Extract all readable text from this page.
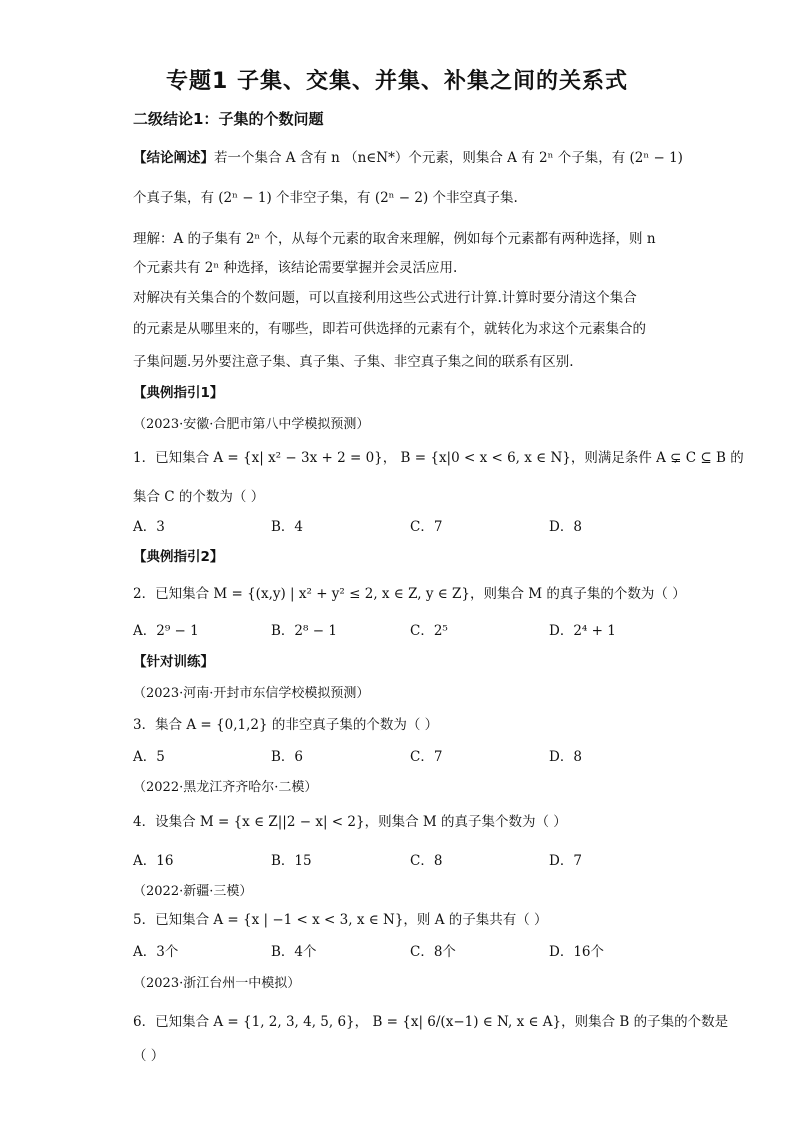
专题1 子集、交集、并集、补集之间的关系式
二级结论1：子集的个数问题
【结论阐述】若一个集合 A 含有 n （n∈N*）个元素，则集合 A 有 2ⁿ 个子集，有 (2ⁿ − 1)
个真子集，有 (2ⁿ − 1) 个非空子集，有 (2ⁿ − 2) 个非空真子集.
理解：A 的子集有 2ⁿ 个，从每个元素的取舍来理解，例如每个元素都有两种选择，则 n
个元素共有 2ⁿ 种选择，该结论需要掌握并会灵活应用.
对解决有关集合的个数问题，可以直接利用这些公式进行计算.计算时要分清这个集合
的元素是从哪里来的，有哪些，即若可供选择的元素有个，就转化为求这个元素集合的
子集问题.另外要注意子集、真子集、子集、非空真子集之间的联系有区别.
【典例指引1】
（2023·安徽·合肥市第八中学模拟预测）
1．已知集合 A = {x| x² − 3x + 2 = 0}， B = {x|0 < x < 6, x ∈ N}，则满足条件 A ⊊ C ⊆ B 的
集合 C 的个数为（ ）
A．3	B．4	C．7	D．8
【典例指引2】
2．已知集合 M = {(x,y) | x² + y² ≤ 2, x ∈ Z, y ∈ Z}，则集合 M 的真子集的个数为（ ）
A．2⁹ − 1	B．2⁸ − 1	C．2⁵	D．2⁴ + 1
【针对训练】
（2023·河南·开封市东信学校模拟预测）
3．集合 A = {0,1,2} 的非空真子集的个数为（ ）
A．5	B．6	C．7	D．8
（2022·黑龙江齐齐哈尔·二模）
4．设集合 M = {x ∈ Z||2 − x| < 2}，则集合 M 的真子集个数为（ ）
A．16	B．15	C．8	D．7
（2022·新疆·三模）
5．已知集合 A = {x | −1 < x < 3, x ∈ N}，则 A 的子集共有（ ）
A．3个	B．4个	C．8个	D．16个
（2023·浙江台州一中模拟）
6．已知集合 A = {1, 2, 3, 4, 5, 6}， B = {x| 6/(x−1) ∈ N, x ∈ A}，则集合 B 的子集的个数是
（ ）
